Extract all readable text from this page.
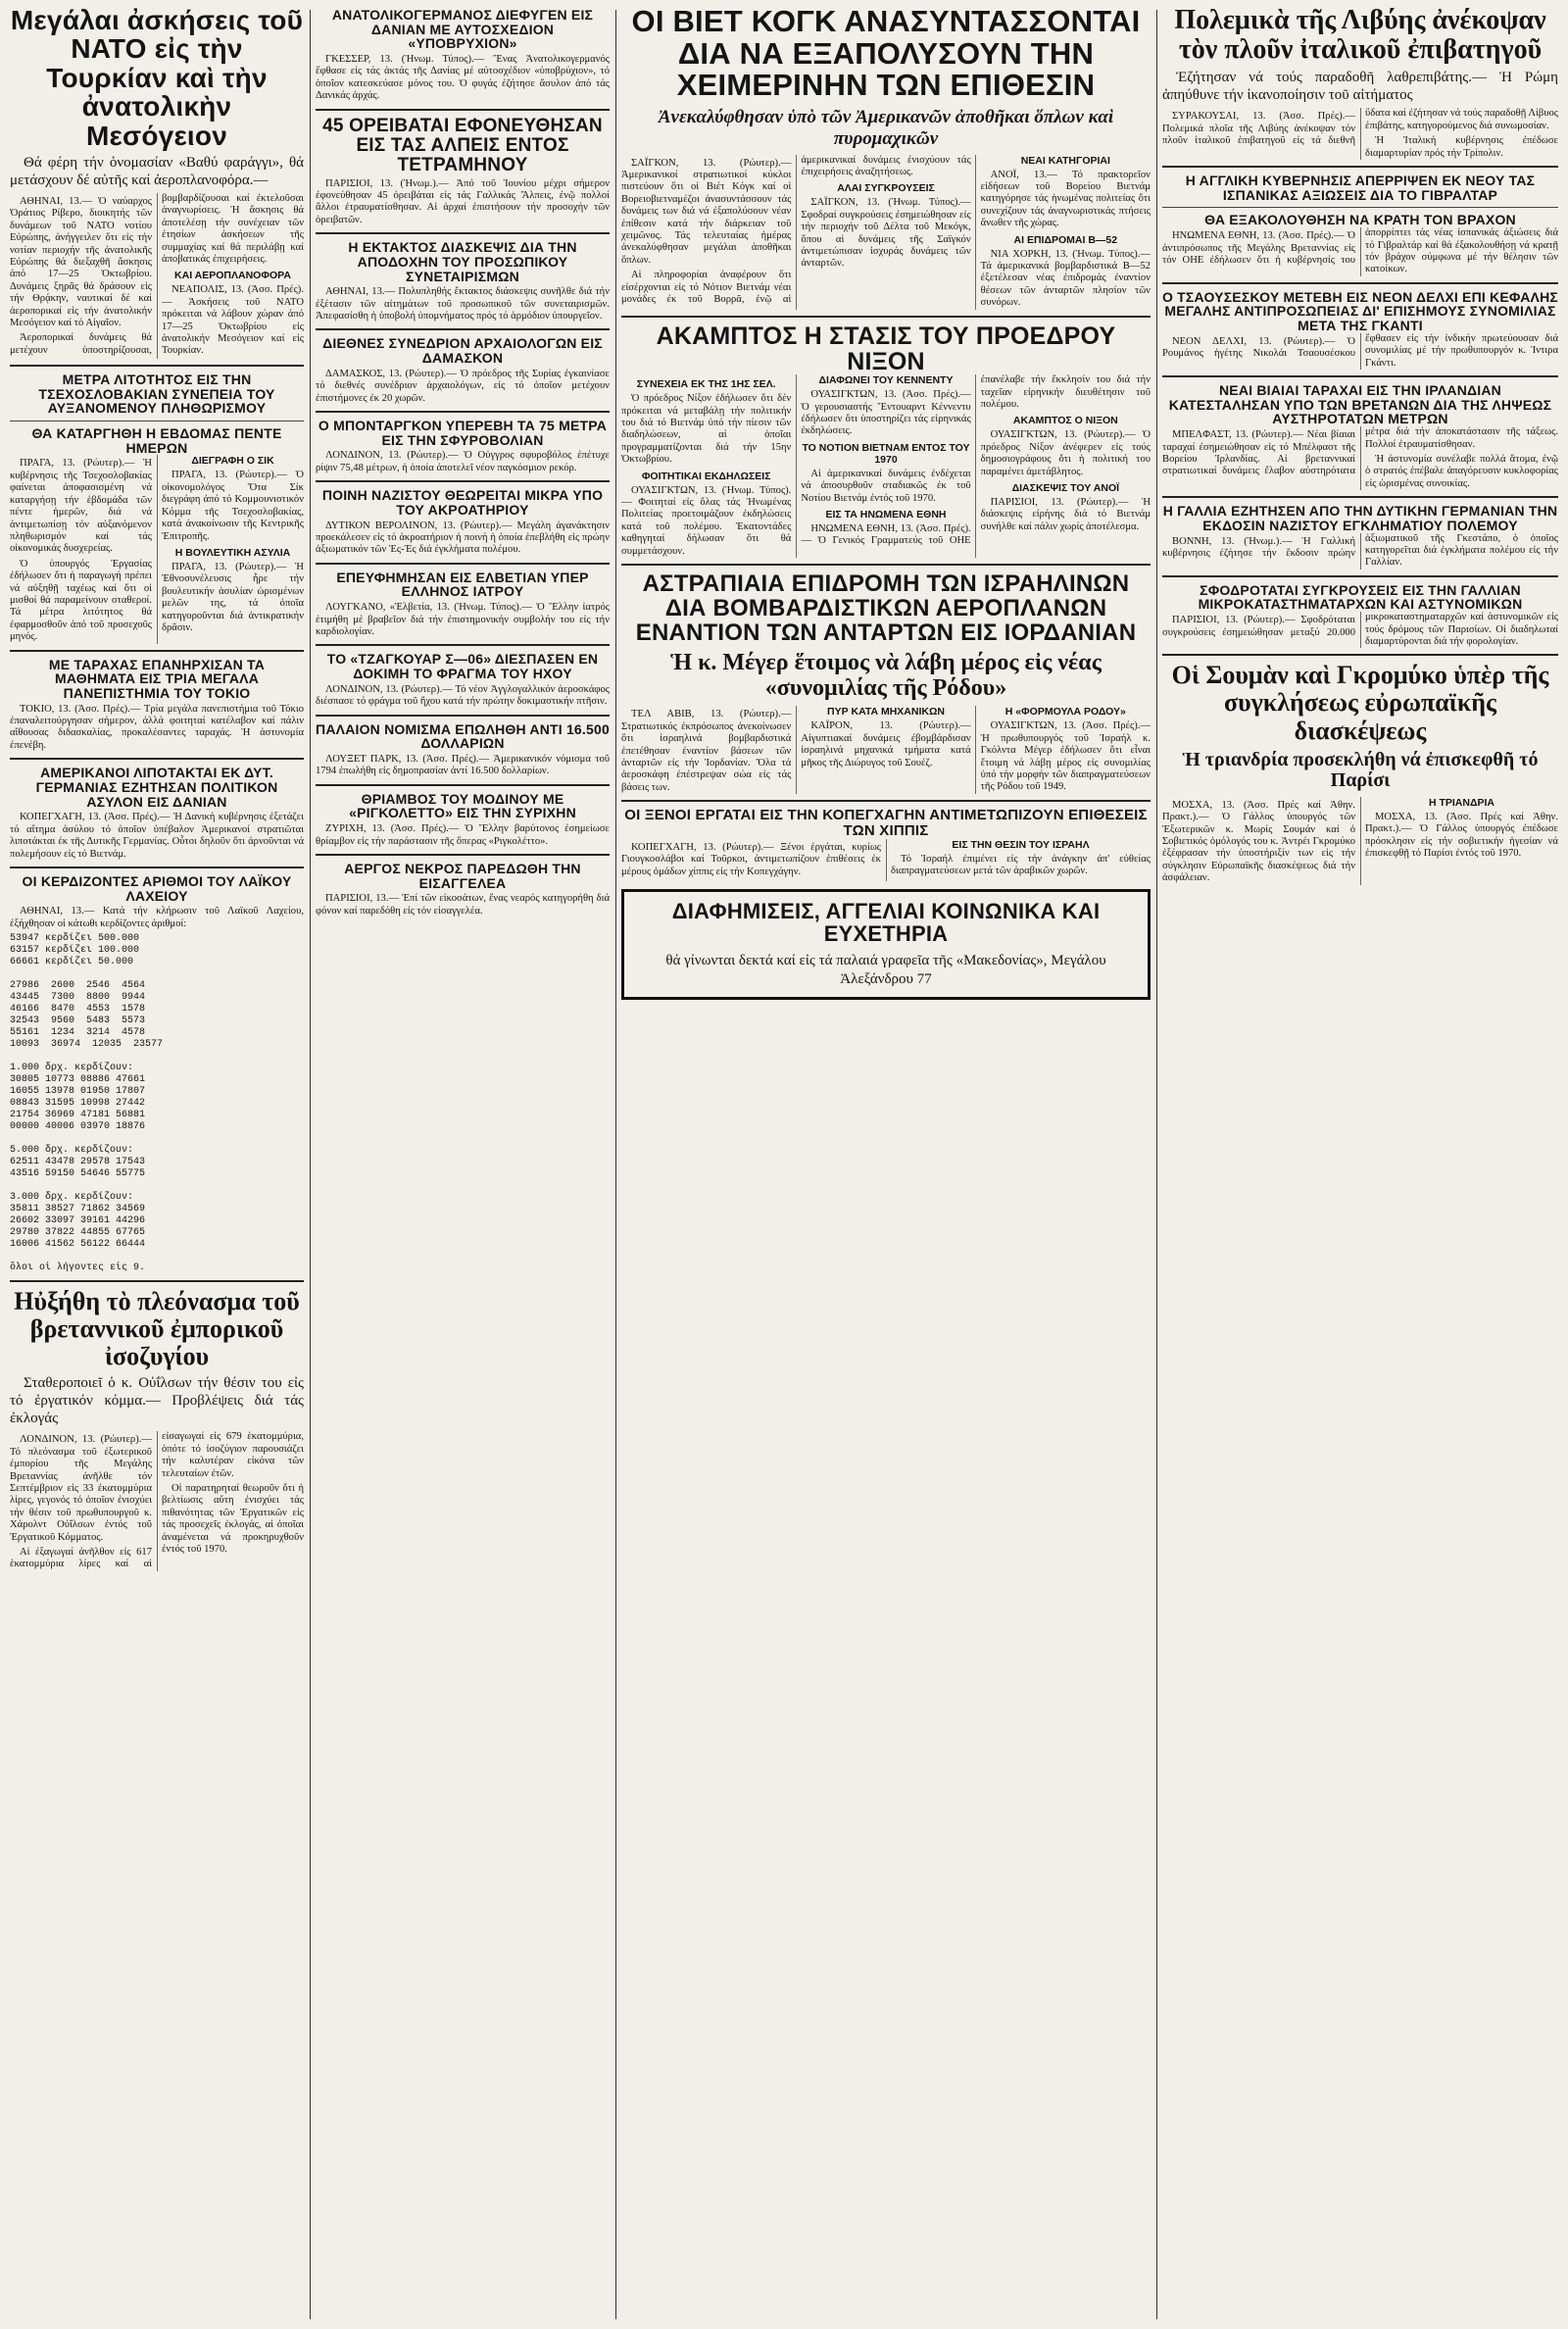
Μεγάλαι ἀσκήσεις τοῦ ΝΑΤΟ εἰς τὴν Τουρκίαν καὶ τὴν ἀνατολικὴν Μεσόγειον
Θά φέρη τήν ὀνομασίαν «Βαθύ φαράγγι», θά μετάσχουν δέ αὐτῆς καί ἀεροπλανοφόρα.—

ΑΘΗΝΑΙ, 13.— Ὁ ναύαρχος Ὁράτιος Ρίβερο, διοικητής τῶν δυνάμεων τοῦ ΝΑΤΟ νοτίου Εὐρώπης, ἀνήγγειλεν ὅτι εἰς τήν νοτίαν περιοχήν τῆς ἀνατολικῆς Εὐρώπης θά διεξαχθῆ ἄσκησις ἀπό 17—25 Ὀκτωβρίου. Δυνάμεις ξηρᾶς θά δράσουν εἰς τήν Θρᾴκην, ναυτικαί δέ καί ἀεροπορικαί εἰς τήν ἀνατολικήν Μεσόγειον καί τό Αἰγαῖον.

Ἀεροπορικαί δυνάμεις θά μετέχουν ὑποστηρίζουσαι, βομβαρδίζουσαι καί ἐκτελοῦσαι ἀναγνωρίσεις. Ἡ ἄσκησις θά ἀποτελέσῃ τήν συνέχειαν τῶν ἐτησίων ἀσκήσεων τῆς συμμαχίας καί θά περιλάβῃ καί ἀποβατικάς ἐπιχειρήσεις.

ΚΑΙ ΑΕΡΟΠΛΑΝΟΦΟΡΑ

ΝΕΑΠΟΛΙΣ, 13. (Ἀσσ. Πρές).— Ἀσκήσεις τοῦ ΝΑΤΟ πρόκειται νά λάβουν χώραν ἀπό 17—25 Ὀκτωβρίου εἰς ἀνατολικήν Μεσόγειον καί εἰς Τουρκίαν.

ΜΕΤΡΑ ΛΙΤΟΤΗΤΟΣ ΕΙΣ ΤΗΝ ΤΣΕΧΟΣΛΟΒΑΚΙΑΝ ΣΥΝΕΠΕΙΑ ΤΟΥ ΑΥΞΑΝΟΜΕΝΟΥ ΠΛΗΘΩΡΙΣΜΟΥ
ΘΑ ΚΑΤΑΡΓΗΘΗ Η ΕΒΔΟΜΑΣ ΠΕΝΤΕ ΗΜΕΡΩΝ

ΠΡΑΓΑ, 13. (Ρώυτερ).— Ἡ κυβέρνησις τῆς Τσεχοσλοβακίας φαίνεται ἀποφασισμένη νά καταργήσῃ τήν ἑβδομάδα τῶν πέντε ἡμερῶν, διά νά ἀντιμετωπίσῃ τόν αὐξανόμενον πληθωρισμόν καί τάς οἰκονομικάς δυσχερείας.

Ὁ ὑπουργός Ἐργασίας ἐδήλωσεν ὅτι ἡ παραγωγή πρέπει νά αὐξηθῇ ταχέως καί ὅτι οἱ μισθοί θά παραμείνουν σταθεροί. Τά μέτρα λιτότητος θά ἐφαρμοσθοῦν ἀπό τοῦ προσεχοῦς μηνός.

ΔΙΕΓΡΑΦΗ Ο ΣΙΚ

ΠΡΑΓΑ, 13. (Ρώυτερ).— Ὁ οἰκονομολόγος Ὄτα Σίκ διεγράφη ἀπό τό Κομμουνιστικόν Κόμμα τῆς Τσεχοσλοβακίας, κατά ἀνακοίνωσιν τῆς Κεντρικῆς Ἐπιτροπῆς.

Η ΒΟΥΛΕΥΤΙΚΗ ΑΣΥΛΙΑ

ΠΡΑΓΑ, 13. (Ρώυτερ).— Ἡ Ἐθνοσυνέλευσις ἦρε τήν βουλευτικήν ἀσυλίαν ὡρισμένων μελῶν της, τά ὁποῖα κατηγοροῦνται διά ἀντικρατικήν δρᾶσιν.

ΜΕ ΤΑΡΑΧΑΣ ΕΠΑΝΗΡΧΙΣΑΝ ΤΑ ΜΑΘΗΜΑΤΑ ΕΙΣ ΤΡΙΑ ΜΕΓΑΛΑ ΠΑΝΕΠΙΣΤΗΜΙΑ ΤΟΥ ΤΟΚΙΟ

ΤΟΚΙΟ, 13. (Ἀσσ. Πρές).— Τρία μεγάλα πανεπιστήμια τοῦ Τόκιο ἐπαναλειτούργησαν σήμερον, ἀλλά φοιτηταί κατέλαβον καί πάλιν αἴθουσας διδασκαλίας, προκαλέσαντες ταραχάς. Ἡ ἀστυνομία ἐπενέβη.

ΑΜΕΡΙΚΑΝΟΙ ΛΙΠΟΤΑΚΤΑΙ ΕΚ ΔΥΤ. ΓΕΡΜΑΝΙΑΣ ΕΖΗΤΗΣΑΝ ΠΟΛΙΤΙΚΟΝ ΑΣΥΛΟΝ ΕΙΣ ΔΑΝΙΑΝ

ΚΟΠΕΓΧΑΓΗ, 13. (Ἀσσ. Πρές).— Ἡ Δανική κυβέρνησις ἐξετάζει τό αἴτημα ἀσύλου τό ὁποῖον ὑπέβαλον Ἀμερικανοί στρατιῶται λιποτάκται ἐκ τῆς Δυτικῆς Γερμανίας. Οὗτοι δηλοῦν ὅτι ἀρνοῦνται νά πολεμήσουν εἰς τό Βιετνάμ.

ΟΙ ΚΕΡΔΙΖΟΝΤΕΣ ΑΡΙΘΜΟΙ ΤΟΥ ΛΑΪΚΟΥ ΛΑΧΕΙΟΥ

ΑΘΗΝΑΙ, 13.— Κατά τήν κλήρωσιν τοῦ Λαϊκοῦ Λαχείου, ἐξήχθησαν οἱ κάτωθι κερδίζοντες ἀριθμοί:

53947 κερδίζει 500.000
63157 κερδίζει 100.000
66661 κερδίζει 50.000

27986  2600  2546  4564
43445  7300  8800  9944
46166  8470  4553  1578
32543  9560  5483  5573
55161  1234  3214  4578
10093  36974  12035  23577

1.000 δρχ. κερδίζουν:
30805 10773 08886 47661
16055 13978 01950 17807
08843 31595 10998 27442
21754 36969 47181 56881
00000 40006 03970 18876

5.000 δρχ. κερδίζουν:
62511 43478 29578 17543
43516 59150 54646 55775

3.000 δρχ. κερδίζουν:
35811 38527 71862 34569
26602 33097 39161 44296
29780 37822 44855 67765
16006 41562 56122 66444

ὅλοι οἱ λήγοντες εἰς 9.
Ηὐξήθη τὸ πλεόνασμα τοῦ βρεταννικοῦ ἐμπορικοῦ ἰσοζυγίου
Σταθεροποιεῖ ὁ κ. Οὐΐλσων τήν θέσιν του εἰς τό ἐργατικόν κόμμα.— Προβλέψεις διά τάς ἐκλογάς

ΛΟΝΔΙΝΟΝ, 13. (Ρώυτερ).— Τό πλεόνασμα τοῦ ἐξωτερικοῦ ἐμπορίου τῆς Μεγάλης Βρεταννίας ἀνῆλθε τόν Σεπτέμβριον εἰς 33 ἑκατομμύρια λίρες, γεγονός τό ὁποῖον ἐνισχύει τήν θέσιν τοῦ πρωθυπουργοῦ κ. Χάρολντ Οὐΐλσων ἐντός τοῦ Ἐργατικοῦ Κόμματος.

Αἱ ἐξαγωγαί ἀνῆλθον εἰς 617 ἑκατομμύρια λίρες καί αἱ εἰσαγωγαί εἰς 679 ἑκατομμύρια, ὁπότε τό ἰσοζύγιον παρουσιάζει τήν καλυτέραν εἰκόνα τῶν τελευταίων ἐτῶν.

Οἱ παρατηρηταί θεωροῦν ὅτι ἡ βελτίωσις αὕτη ἐνισχύει τάς πιθανότητας τῶν Ἐργατικῶν εἰς τάς προσεχεῖς ἐκλογάς, αἱ ὁποῖαι ἀναμένεται νά προκηρυχθοῦν ἐντός τοῦ 1970.

ΑΝΑΤΟΛΙΚΟΓΕΡΜΑΝΟΣ ΔΙΕΦΥΓΕΝ ΕΙΣ ΔΑΝΙΑΝ ΜΕ ΑΥΤΟΣΧΕΔΙΟΝ «ΥΠΟΒΡΥΧΙΟΝ»

ΓΚΕΣΣΕΡ, 13. (Ἡνωμ. Τύπος).— Ἕνας Ἀνατολικογερμανός ἔφθασε εἰς τάς ἀκτάς τῆς Δανίας μέ αὐτοσχέδιον «ὑποβρύχιον», τό ὁποῖον κατεσκεύασε μόνος του. Ὁ φυγάς ἐζήτησε ἄσυλον ἀπό τάς Δανικάς ἀρχάς.

45 ΟΡΕΙΒΑΤΑΙ ΕΦΟΝΕΥΘΗΣΑΝ ΕΙΣ ΤΑΣ ΑΛΠΕΙΣ ΕΝΤΟΣ ΤΕΤΡΑΜΗΝΟΥ

ΠΑΡΙΣΙΟΙ, 13. (Ἡνωμ.).— Ἀπό τοῦ Ἰουνίου μέχρι σήμερον ἐφονεύθησαν 45 ὀρειβάται εἰς τάς Γαλλικάς Ἄλπεις, ἐνῷ πολλοί ἄλλοι ἐτραυματίσθησαν. Αἱ ἀρχαί ἐπιστήσουν τήν προσοχήν τῶν ὀρειβατῶν.

Η ΕΚΤΑΚΤΟΣ ΔΙΑΣΚΕΨΙΣ ΔΙΑ ΤΗΝ ΑΠΟΔΟΧΗΝ ΤΟΥ ΠΡΟΣΩΠΙΚΟΥ ΣΥΝΕΤΑΙΡΙΣΜΩΝ

ΑΘΗΝΑΙ, 13.— Πολυπληθής ἔκτακτος διάσκεψις συνῆλθε διά τήν ἐξέτασιν τῶν αἰτημάτων τοῦ προσωπικοῦ τῶν συνεταιρισμῶν. Ἀπεφασίσθη ἡ ὑποβολή ὑπομνήματος πρός τό ἁρμόδιον ὑπουργεῖον.

ΔΙΕΘΝΕΣ ΣΥΝΕΔΡΙΟΝ ΑΡΧΑΙΟΛΟΓΩΝ ΕΙΣ ΔΑΜΑΣΚΟΝ

ΔΑΜΑΣΚΟΣ, 13. (Ρώυτερ).— Ὁ πρόεδρος τῆς Συρίας ἐγκαινίασε τό διεθνές συνέδριον ἀρχαιολόγων, εἰς τό ὁποῖον μετέχουν ἐπιστήμονες ἐκ 20 χωρῶν.

Ο ΜΠΟΝΤΑΡΓΚΟΝ ΥΠΕΡΕΒΗ ΤΑ 75 ΜΕΤΡΑ ΕΙΣ ΤΗΝ ΣΦΥΡΟΒΟΛΙΑΝ

ΛΟΝΔΙΝΟΝ, 13. (Ρώυτερ).— Ὁ Οὐγγρος σφυροβόλος ἐπέτυχε ρίψιν 75,48 μέτρων, ἡ ὁποία ἀποτελεῖ νέον παγκόσμιον ρεκόρ.

ΠΟΙΝΗ ΝΑΖΙΣΤΟΥ ΘΕΩΡΕΙΤΑΙ ΜΙΚΡΑ ΥΠΟ ΤΟΥ ΑΚΡΟΑΤΗΡΙΟΥ

ΔΥΤΙΚΟΝ ΒΕΡΟΛΙΝΟΝ, 13. (Ρώυτερ).— Μεγάλη ἀγανάκτησιν προεκάλεσεν εἰς τό ἀκροατήριον ἡ ποινή ἡ ὁποία ἐπεβλήθη εἰς πρώην ἀξιωματικόν τῶν Ἐς-Ἐς διά ἐγκλήματα πολέμου.

ΕΠΕΥΦΗΜΗΣΑΝ ΕΙΣ ΕΛΒΕΤΙΑΝ ΥΠΕΡ ΕΛΛΗΝΟΣ ΙΑΤΡΟΥ

ΛΟΥΓΚΑΝΟ, «Ἑλβετία, 13. (Ἡνωμ. Τύπος).— Ὁ Ἕλλην ἰατρός ἐτιμήθη μέ βραβεῖον διά τήν ἐπιστημονικήν συμβολήν του εἰς τήν καρδιολογίαν.

ΤΟ «ΤΖΑΓΚΟΥΑΡ Σ—06» ΔΙΕΣΠΑΣΕΝ ΕΝ ΔΟΚΙΜΗ ΤΟ ΦΡΑΓΜΑ ΤΟΥ ΗΧΟΥ

ΛΟΝΔΙΝΟΝ, 13. (Ρώυτερ).— Τό νέον Ἀγγλογαλλικόν ἀεροσκάφος διέσπασε τό φράγμα τοῦ ἤχου κατά τήν πρώτην δοκιμαστικήν πτῆσιν.

ΠΑΛΑΙΟΝ ΝΟΜΙΣΜΑ ΕΠΩΛΗΘΗ ΑΝΤΙ 16.500 ΔΟΛΛΑΡΙΩΝ

ΛΟΥΞΕΤ ΠΑΡΚ, 13. (Ἀσσ. Πρές).— Ἀμερικανικόν νόμισμα τοῦ 1794 ἐπωλήθη εἰς δημοπρασίαν ἀντί 16.500 δολλαρίων.

ΘΡΙΑΜΒΟΣ ΤΟΥ ΜΟΔΙΝΟΥ ΜΕ «ΡΙΓΚΟΛΕΤΤΟ» ΕΙΣ ΤΗΝ ΣΥΡΙΧΗΝ

ΖΥΡΙΧΗ, 13. (Ἀσσ. Πρές).— Ὁ Ἕλλην βαρύτονος ἐσημείωσε θρίαμβον εἰς τήν παράστασιν τῆς ὄπερας «Ριγκολέττο».

ΑΕΡΓΟΣ ΝΕΚΡΟΣ ΠΑΡΕΔΩΘΗ ΤΗΝ ΕΙΣΑΓΓΕΛΕΑ

ΠΑΡΙΣΙΟΙ, 13.— Ἐπί τῶν εἰκοσάτων, ἕνας νεαρός κατηγορήθη διά φόνον καί παρεδόθη εἰς τόν εἰσαγγελέα.

ΟΙ ΒΙΕΤ ΚΟΓΚ ΑΝΑΣΥΝΤΑΣΣΟΝΤΑΙ ΔΙΑ ΝΑ ΕΞΑΠΟΛΥΣΟΥΝ ΤΗΝ ΧΕΙΜΕΡΙΝΗΝ ΤΩΝ ΕΠΙΘΕΣΙΝ
Ἀνεκαλύφθησαν ὑπὸ τῶν Ἀμερικανῶν ἀποθῆκαι ὅπλων καὶ πυρομαχικῶν

ΣΑΪΓΚΟΝ, 13. (Ρώυτερ).— Ἀμερικανικοί στρατιωτικοί κύκλοι πιστεύουν ὅτι οἱ Βιέτ Κόγκ καί οἱ Βορειοβιετναμέζοι ἀνασυντάσσουν τάς δυνάμεις των διά νά ἐξαπολύσουν νέαν ἐπίθεσιν κατά τήν διάρκειαν τοῦ χειμῶνος. Τάς τελευταίας ἡμέρας ἀνεκαλύφθησαν μεγάλαι ἀποθῆκαι ὅπλων.

Αἱ πληροφορίαι ἀναφέρουν ὅτι εἰσέρχονται εἰς τό Νότιον Βιετνάμ νέαι μονάδες ἐκ τοῦ Βορρᾶ, ἐνῷ αἱ ἀμερικανικαί δυνάμεις ἐνισχύουν τάς ἐπιχειρήσεις ἀναζητήσεως.

ΑΛΑΙ ΣΥΓΚΡΟΥΣΕΙΣ

ΣΑΪΓΚΟΝ, 13. (Ἡνωμ. Τύπος).— Σφοδραί συγκρούσεις ἐσημειώθησαν εἰς τήν περιοχήν τοῦ Δέλτα τοῦ Μεκόγκ, ὅπου αἱ δυνάμεις τῆς Σαϊγκόν ἀντιμετώπισαν ἰσχυράς δυνάμεις τῶν ἀνταρτῶν.

ΝΕΑΙ ΚΑΤΗΓΟΡΙΑΙ

ΑΝΟΪ, 13.— Τό πρακτορεῖον εἰδήσεων τοῦ Βορείου Βιετνάμ κατηγόρησε τάς ἡνωμένας πολιτείας ὅτι συνεχίζουν τάς ἀναγνωριστικάς πτήσεις ἄνωθεν τῆς χώρας.

ΑΙ ΕΠΙΔΡΟΜΑΙ Β—52

ΝΙΑ ΧΟΡΚΗ, 13. (Ἡνωμ. Τύπος).— Τά ἀμερικανικά βομβαρδιστικά Β—52 ἐξετέλεσαν νέας ἐπιδρομάς ἐναντίον θέσεων τῶν ἀνταρτῶν πλησίον τῶν συνόρων.

ΑΚΑΜΠΤΟΣ Η ΣΤΑΣΙΣ ΤΟΥ ΠΡΟΕΔΡΟΥ ΝΙΞΟΝ
ΣΥΝΕΧΕΙΑ ΕΚ ΤΗΣ 1ΗΣ ΣΕΛ.

Ὁ πρόεδρος Νίξον ἐδήλωσεν ὅτι δέν πρόκειται νά μεταβάλῃ τήν πολιτικήν του διά τό Βιετνάμ ὑπό τήν πίεσιν τῶν διαδηλώσεων, αἱ ὁποῖαι προγραμματίζονται διά τήν 15ην Ὀκτωβρίου.

ΦΟΙΤΗΤΙΚΑΙ ΕΚΔΗΛΩΣΕΙΣ

ΟΥΑΣΙΓΚΤΩΝ, 13. (Ἡνωμ. Τύπος).— Φοιτηταί εἰς ὅλας τάς Ἡνωμένας Πολιτείας προετοιμάζουν ἐκδηλώσεις κατά τοῦ πολέμου. Ἑκατοντάδες καθηγηταί δήλωσαν ὅτι θά συμμετάσχουν.

ΔΙΑΦΩΝΕΙ ΤΟΥ ΚΕΝΝΕΝΤΥ

ΟΥΑΣΙΓΚΤΩΝ, 13. (Ἀσσ. Πρές).— Ὁ γερουσιαστής Ἔντουαρντ Κέννεντυ ἐδήλωσεν ὅτι ὑποστηρίζει τάς εἰρηνικάς ἐκδηλώσεις.

ΤΟ ΝΟΤΙΟΝ ΒΙΕΤΝΑΜ ΕΝΤΟΣ ΤΟΥ 1970

Αἱ ἀμερικανικαί δυνάμεις ἐνδέχεται νά ἀποσυρθοῦν σταδιακῶς ἐκ τοῦ Νοτίου Βιετνάμ ἐντός τοῦ 1970.

ΕΙΣ ΤΑ ΗΝΩΜΕΝΑ ΕΘΝΗ

ΗΝΩΜΕΝΑ ΕΘΝΗ, 13. (Ἀσσ. Πρές).— Ὁ Γενικός Γραμματεύς τοῦ ΟΗΕ ἐπανέλαβε τήν ἔκκλησίν του διά τήν ταχεῖαν εἰρηνικήν διευθέτησιν τοῦ πολέμου.

ΑΚΑΜΠΤΟΣ Ο ΝΙΞΟΝ

ΟΥΑΣΙΓΚΤΩΝ, 13. (Ρώυτερ).— Ὁ πρόεδρος Νίξον ἀνέφερεν εἰς τούς δημοσιογράφους ὅτι ἡ πολιτική του παραμένει ἀμετάβλητος.

ΔΙΑΣΚΕΨΙΣ ΤΟΥ ΑΝΟΪ

ΠΑΡΙΣΙΟΙ, 13. (Ρώυτερ).— Ἡ διάσκεψις εἰρήνης διά τό Βιετνάμ συνήλθε καί πάλιν χωρίς ἀποτέλεσμα.

ΑΣΤΡΑΠΙΑΙΑ ΕΠΙΔΡΟΜΗ ΤΩΝ ΙΣΡΑΗΛΙΝΩΝ ΔΙΑ ΒΟΜΒΑΡΔΙΣΤΙΚΩΝ ΑΕΡΟΠΛΑΝΩΝ ΕΝΑΝΤΙΟΝ ΤΩΝ ΑΝΤΑΡΤΩΝ ΕΙΣ ΙΟΡΔΑΝΙΑΝ
Ἡ κ. Μέγερ ἕτοιμος νὰ λάβη μέρος εἰς νέας «συνομιλίας τῆς Ρόδου»

ΤΕΛ ΑΒΙΒ, 13. (Ρώυτερ).— Στρατιωτικός ἐκπρόσωπος ἀνεκοίνωσεν ὅτι ἰσραηλινά βομβαρδιστικά ἐπετέθησαν ἐναντίον βάσεων τῶν ἀνταρτῶν εἰς τήν Ἰορδανίαν. Ὅλα τά ἀεροσκάφη ἐπέστρεψαν σώα εἰς τάς βάσεις των.

ΠΥΡ ΚΑΤΑ ΜΗΧΑΝΙΚΩΝ

ΚΑΪΡΟΝ, 13. (Ρώυτερ).— Αἰγυπτιακαί δυνάμεις ἐβομβάρδισαν ἰσραηλινά μηχανικά τμήματα κατά μῆκος τῆς Διώρυγος τοῦ Σουέζ.

Η «ΦΟΡΜΟΥΛΑ ΡΟΔΟΥ»

ΟΥΑΣΙΓΚΤΩΝ, 13. (Ἀσσ. Πρές).— Ἡ πρωθυπουργός τοῦ Ἰσραήλ κ. Γκόλντα Μέγερ ἐδήλωσεν ὅτι εἶναι ἕτοιμη νά λάβῃ μέρος εἰς συνομιλίας ὑπό τήν μορφήν τῶν διαπραγματεύσεων τῆς Ρόδου τοῦ 1949.

ΟΙ ΞΕΝΟΙ ΕΡΓΑΤΑΙ ΕΙΣ ΤΗΝ ΚΟΠΕΓΧΑΓΗΝ ΑΝΤΙΜΕΤΩΠΙΖΟΥΝ ΕΠΙΘΕΣΕΙΣ ΤΩΝ ΧΙΠΠΙΣ

ΚΟΠΕΓΧΑΓΗ, 13. (Ρώυτερ).— Ξένοι ἐργάται, κυρίως Γιουγκοσλάβοι καί Τοῦρκοι, ἀντιμετωπίζουν ἐπιθέσεις ἐκ μέρους ὁμάδων χίππις εἰς τήν Κοπεγχάγην.

ΕΙΣ ΤΗΝ ΘΕΣΙΝ ΤΟΥ ΙΣΡΑΗΛ

Τό Ἰσραήλ ἐπιμένει εἰς τήν ἀνάγκην ἀπ' εὐθείας διαπραγματεύσεων μετά τῶν ἀραβικῶν χωρῶν.

ΔΙΑΦΗΜΙΣΕΙΣ, ΑΓΓΕΛΙΑΙ ΚΟΙΝΩΝΙΚΑ ΚΑΙ ΕΥΧΕΤΗΡΙΑ
θά γίνωνται δεκτά καί εἰς τά παλαιά γραφεῖα τῆς «Μακεδονίας», Μεγάλου Ἀλεξάνδρου 77
Πολεμικὰ τῆς Λιβύης ἀνέκοψαν τὸν πλοῦν ἰταλικοῦ ἐπιβατηγοῦ
Ἐζήτησαν νά τούς παραδοθῆ λαθρεπιβάτης.— Ἡ Ρώμη ἀπηύθυνε τήν ἱκανοποίησιν τοῦ αἰτήματος

ΣΥΡΑΚΟΥΣΑΙ, 13. (Ἀσσ. Πρές).— Πολεμικά πλοῖα τῆς Λιβύης ἀνέκοψαν τόν πλοῦν ἰταλικοῦ ἐπιβατηγοῦ εἰς τά διεθνῆ ὕδατα καί ἐζήτησαν νά τούς παραδοθῇ Λίβυος ἐπιβάτης, κατηγορούμενος διά συνωμοσίαν.

Ἡ Ἰταλική κυβέρνησις ἐπέδωσε διαμαρτυρίαν πρός τήν Τρίπολιν.

Η ΑΓΓΛΙΚΗ ΚΥΒΕΡΝΗΣΙΣ ΑΠΕΡΡΙΨΕΝ ΕΚ ΝΕΟΥ ΤΑΣ ΙΣΠΑΝΙΚΑΣ ΑΞΙΩΣΕΙΣ ΔΙΑ ΤΟ ΓΙΒΡΑΛΤΑΡ
ΘΑ ΕΞΑΚΟΛΟΥΘΗΣΗ ΝΑ ΚΡΑΤΗ ΤΟΝ ΒΡΑΧΟΝ

ΗΝΩΜΕΝΑ ΕΘΝΗ, 13. (Ἀσσ. Πρές).— Ὁ ἀντιπρόσωπος τῆς Μεγάλης Βρεταννίας εἰς τόν ΟΗΕ ἐδήλωσεν ὅτι ἡ κυβέρνησίς του ἀπορρίπτει τάς νέας ἰσπανικάς ἀξιώσεις διά τό Γιβραλτάρ καί θά ἐξακολουθήσῃ νά κρατῇ τόν βράχον σύμφωνα μέ τήν θέλησιν τῶν κατοίκων.

Ο ΤΣΑΟΥΣΕΣΚΟΥ ΜΕΤΕΒΗ ΕΙΣ ΝΕΟΝ ΔΕΛΧΙ ΕΠΙ ΚΕΦΑΛΗΣ ΜΕΓΑΛΗΣ ΑΝΤΙΠΡΟΣΩΠΕΙΑΣ ΔΙ' ΕΠΙΣΗΜΟΥΣ ΣΥΝΟΜΙΛΙΑΣ ΜΕΤΑ ΤΗΣ ΓΚΑΝΤΙ

ΝΕΟΝ ΔΕΛΧΙ, 13. (Ρώυτερ).— Ὁ Ρουμάνος ἡγέτης Νικολάι Τσαουσέσκου ἔφθασεν εἰς τήν ἰνδικήν πρωτεύουσαν διά συνομιλίας μέ τήν πρωθυπουργόν κ. Ἰντιρα Γκάντι.

ΝΕΑΙ ΒΙΑΙΑΙ ΤΑΡΑΧΑΙ ΕΙΣ ΤΗΝ ΙΡΛΑΝΔΙΑΝ ΚΑΤΕΣΤΑΛΗΣΑΝ ΥΠΟ ΤΩΝ ΒΡΕΤΑΝΩΝ ΔΙΑ ΤΗΣ ΛΗΨΕΩΣ ΑΥΣΤΗΡΟΤΑΤΩΝ ΜΕΤΡΩΝ

ΜΠΕΛΦΑΣΤ, 13. (Ρώυτερ).— Νέαι βίαιαι ταραχαί ἐσημειώθησαν εἰς τό Μπέλφαστ τῆς Βορείου Ἰρλανδίας. Αἱ βρεταννικαί στρατιωτικαί δυνάμεις ἔλαβον αὐστηρότατα μέτρα διά τήν ἀποκατάστασιν τῆς τάξεως. Πολλοί ἐτραυματίσθησαν.

Ἡ ἀστυνομία συνέλαβε πολλά ἄτομα, ἐνῷ ὁ στρατός ἐπέβαλε ἀπαγόρευσιν κυκλοφορίας εἰς ὡρισμένας συνοικίας.

Η ΓΑΛΛΙΑ ΕΖΗΤΗΣΕΝ ΑΠΟ ΤΗΝ ΔΥΤΙΚΗΝ ΓΕΡΜΑΝΙΑΝ ΤΗΝ ΕΚΔΟΣΙΝ ΝΑΖΙΣΤΟΥ ΕΓΚΛΗΜΑΤΙΟΥ ΠΟΛΕΜΟΥ

ΒΟΝΝΗ, 13. (Ἡνωμ.).— Ἡ Γαλλική κυβέρνησις ἐζήτησε τήν ἔκδοσιν πρώην ἀξιωματικοῦ τῆς Γκεστάπο, ὁ ὁποῖος κατηγορεῖται διά ἐγκλήματα πολέμου εἰς τήν Γαλλίαν.

ΣΦΟΔΡΟΤΑΤΑΙ ΣΥΓΚΡΟΥΣΕΙΣ ΕΙΣ ΤΗΝ ΓΑΛΛΙΑΝ ΜΙΚΡΟΚΑΤΑΣΤΗΜΑΤΑΡΧΩΝ ΚΑΙ ΑΣΤΥΝΟΜΙΚΩΝ

ΠΑΡΙΣΙΟΙ, 13. (Ρώυτερ).— Σφοδρόταται συγκρούσεις ἐσημειώθησαν μεταξύ 20.000 μικροκαταστηματαρχῶν καί ἀστυνομικῶν εἰς τούς δρόμους τῶν Παρισίων. Οἱ διαδηλωταί διαμαρτύρονται διά τήν φορολογίαν.

Οἱ Σουμὰν καὶ Γκρομύκο ὑπὲρ τῆς συγκλήσεως εὐρωπαϊκῆς διασκέψεως
Ἡ τριανδρία προσεκλήθη νά ἐπισκεφθῆ τό Παρίσι

ΜΟΣΧΑ, 13. (Ἀσσ. Πρές καί Ἀθην. Πρακτ.).— Ὁ Γάλλος ὑπουργός τῶν Ἐξωτερικῶν κ. Μωρίς Σουμάν καί ὁ Σοβιετικός ὁμόλογός του κ. Ἀντρέι Γκρομύκο ἐξέφρασαν τήν ὑποστήριξίν των εἰς τήν σύγκλησιν Εὐρωπαϊκῆς διασκέψεως διά τήν ἀσφάλειαν.

Η ΤΡΙΑΝΔΡΙΑ

ΜΟΣΧΑ, 13. (Ἀσσ. Πρές καί Ἀθην. Πρακτ.).— Ὁ Γάλλος ὑπουργός ἐπέδωσε πρόσκλησιν εἰς τήν σοβιετικήν ἡγεσίαν νά ἐπισκεφθῇ τό Παρίσι ἐντός τοῦ 1970.
